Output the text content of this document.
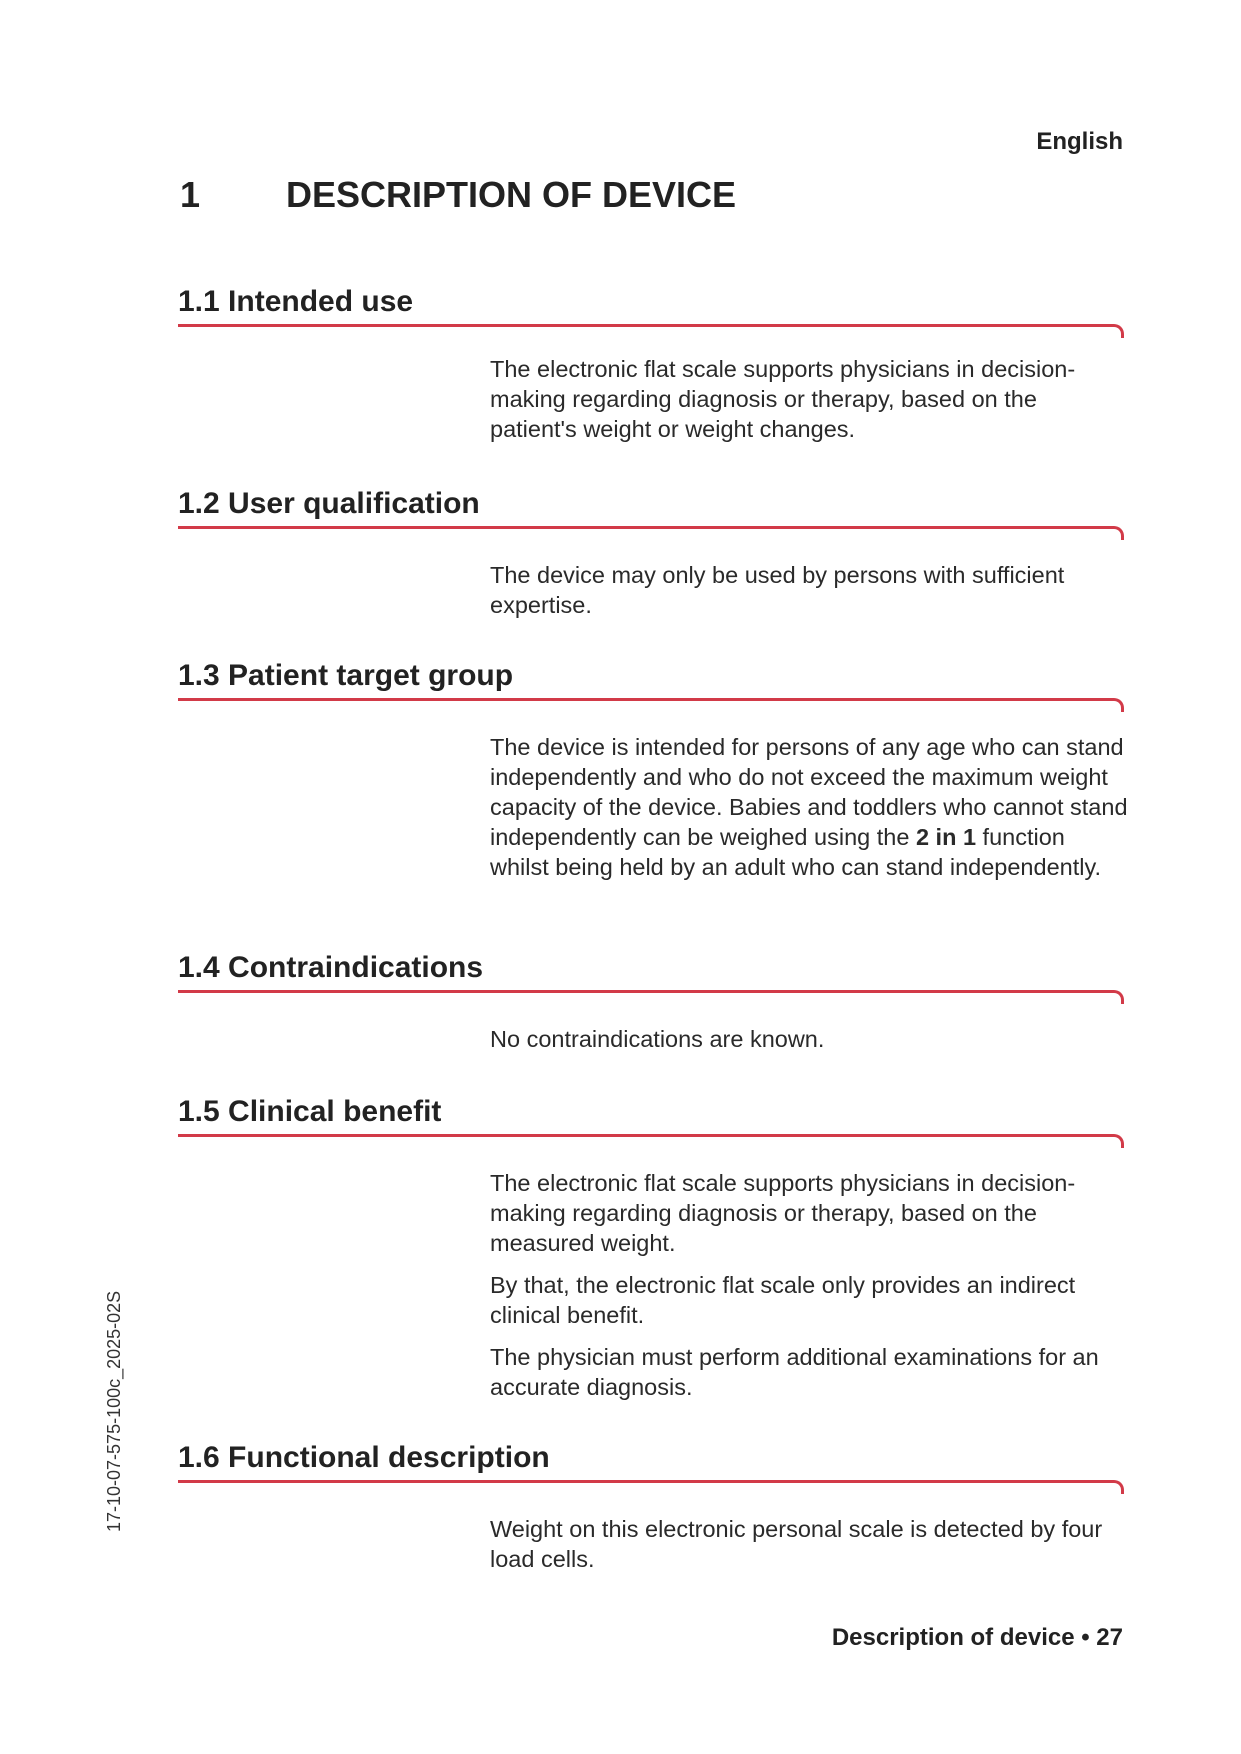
English
1 DESCRIPTION OF DEVICE
1.1 Intended use

The electronic flat scale supports physicians in decision-making regarding diagnosis or therapy, based on the patient's weight or weight changes.

1.2 User qualification

The device may only be used by persons with sufficient expertise.

1.3 Patient target group

The device is intended for persons of any age who can stand independently and who do not exceed the maximum weight capacity of the device. Babies and toddlers who cannot stand independently can be weighed using the 2 in 1 function whilst being held by an adult who can stand independently.

1.4 Contraindications

No contraindications are known.

1.5 Clinical benefit

The electronic flat scale supports physicians in decision-making regarding diagnosis or therapy, based on the measured weight.

By that, the electronic flat scale only provides an indirect clinical benefit.

The physician must perform additional examinations for an accurate diagnosis.

1.6 Functional description

Weight on this electronic personal scale is detected by four load cells.

17-10-07-575-100c_2025-02S
Description of device • 27
